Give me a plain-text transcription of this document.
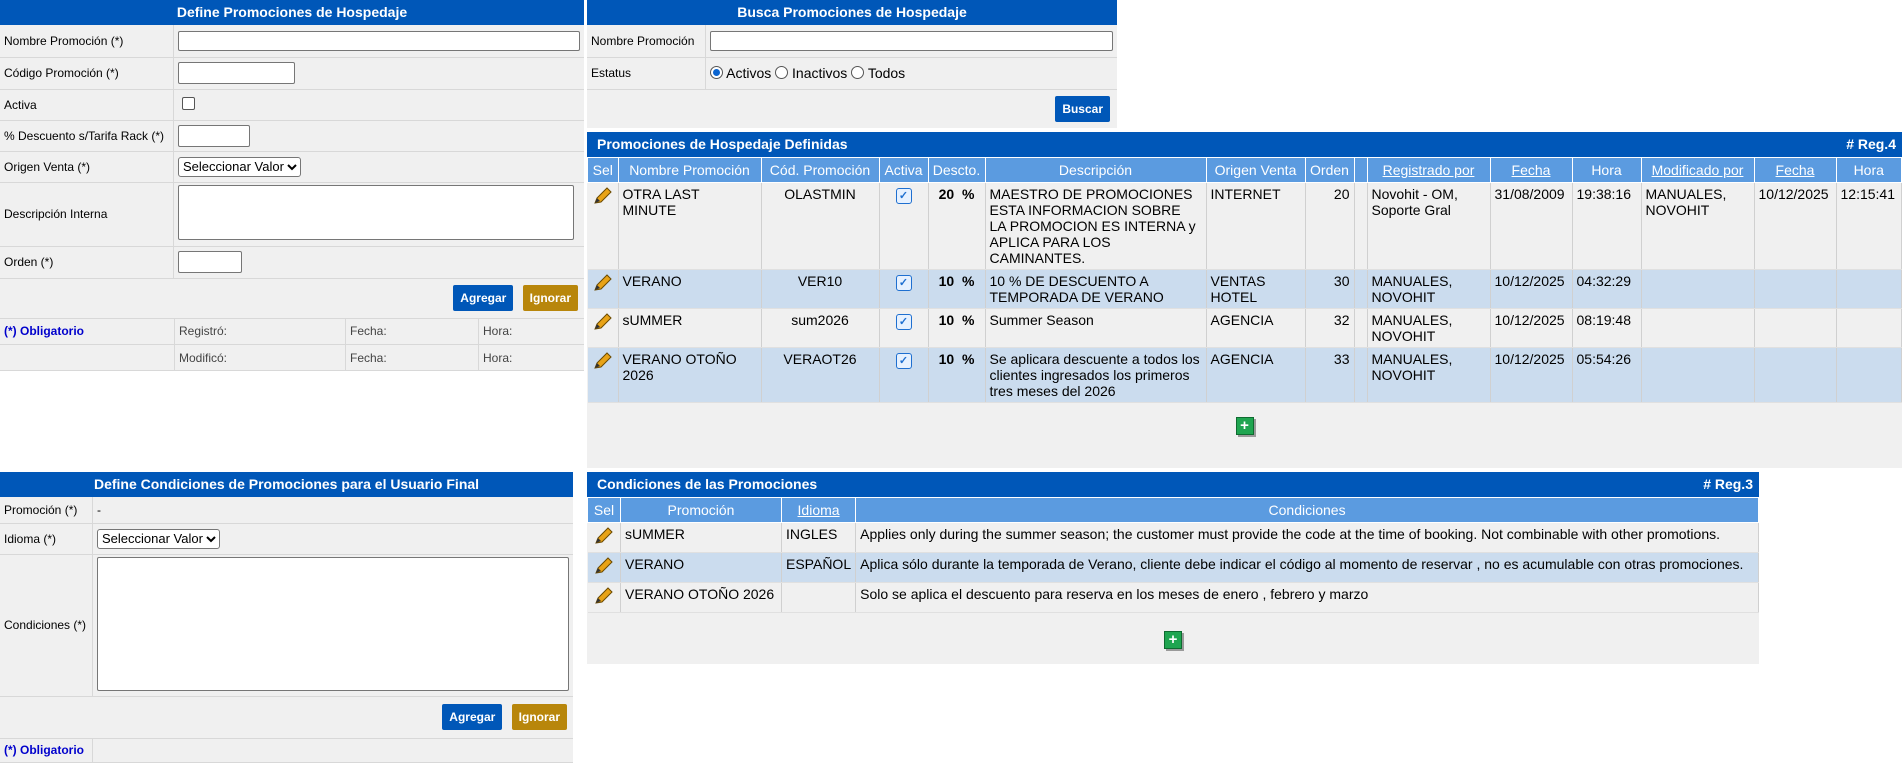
Define Promociones de Hospedaje
Nombre Promoción (*)	
Código Promoción (*)	
Activa	
% Descuento s/Tarifa Rack (*)	
Origen Venta (*)	
Seleccionar Valor
Descripción Interna	
Orden (*)	
Agregar Ignorar	
(*) Obligatorio	Registró:	Fecha:	Hora:
	Modificó:	Fecha:	Hora:
Busca Promociones de Hospedaje
Nombre Promoción	
Estatus	Activos Inactivos Todos
Buscar
Promociones de Hospedaje Definidas	# Reg.4
Sel	Nombre Promoción	Cód. Promoción	Activa	Descto.	Descripción	Origen Venta	Orden		Registrado por	Fecha	Hora	Modificado por	Fecha	Hora
	OTRA LAST MINUTE	OLASTMIN	✓	20 %	MAESTRO DE PROMOCIONES ESTA INFORMACION SOBRE LA PROMOCION ES INTERNA y APLICA PARA LOS CAMINANTES.	INTERNET	20		Novohit - OM, Soporte Gral	31/08/2009	19:38:16	MANUALES, NOVOHIT	10/12/2025	12:15:41
	VERANO	VER10	✓	10 %	10 % DE DESCUENTO A TEMPORADA DE VERANO	VENTAS HOTEL	30		MANUALES, NOVOHIT	10/12/2025	04:32:29			
	sUMMER	sum2026	✓	10 %	Summer Season	AGENCIA	32		MANUALES, NOVOHIT	10/12/2025	08:19:48			
	VERANO OTOÑO 2026	VERAOT26	✓	10 %	Se aplicara descuente a todos los clientes ingresados los primeros tres meses del 2026	AGENCIA	33		MANUALES, NOVOHIT	10/12/2025	05:54:26			
+
Define Condiciones de Promociones para el Usuario Final
Promoción (*)	-
Idioma (*)	
Seleccionar Valor
Condiciones (*)	
Agregar Ignorar	
(*) Obligatorio	
Condiciones de las Promociones	# Reg.3
Sel	Promoción	Idioma	Condiciones
	sUMMER	INGLES	Applies only during the summer season; the customer must provide the code at the time of booking. Not combinable with other promotions.
	VERANO	ESPAÑOL	Aplica sólo durante la temporada de Verano, cliente debe indicar el código al momento de reservar , no es acumulable con otras promociones.
	VERANO OTOÑO 2026		Solo se aplica el descuento para reserva en los meses de enero , febrero y marzo
+
